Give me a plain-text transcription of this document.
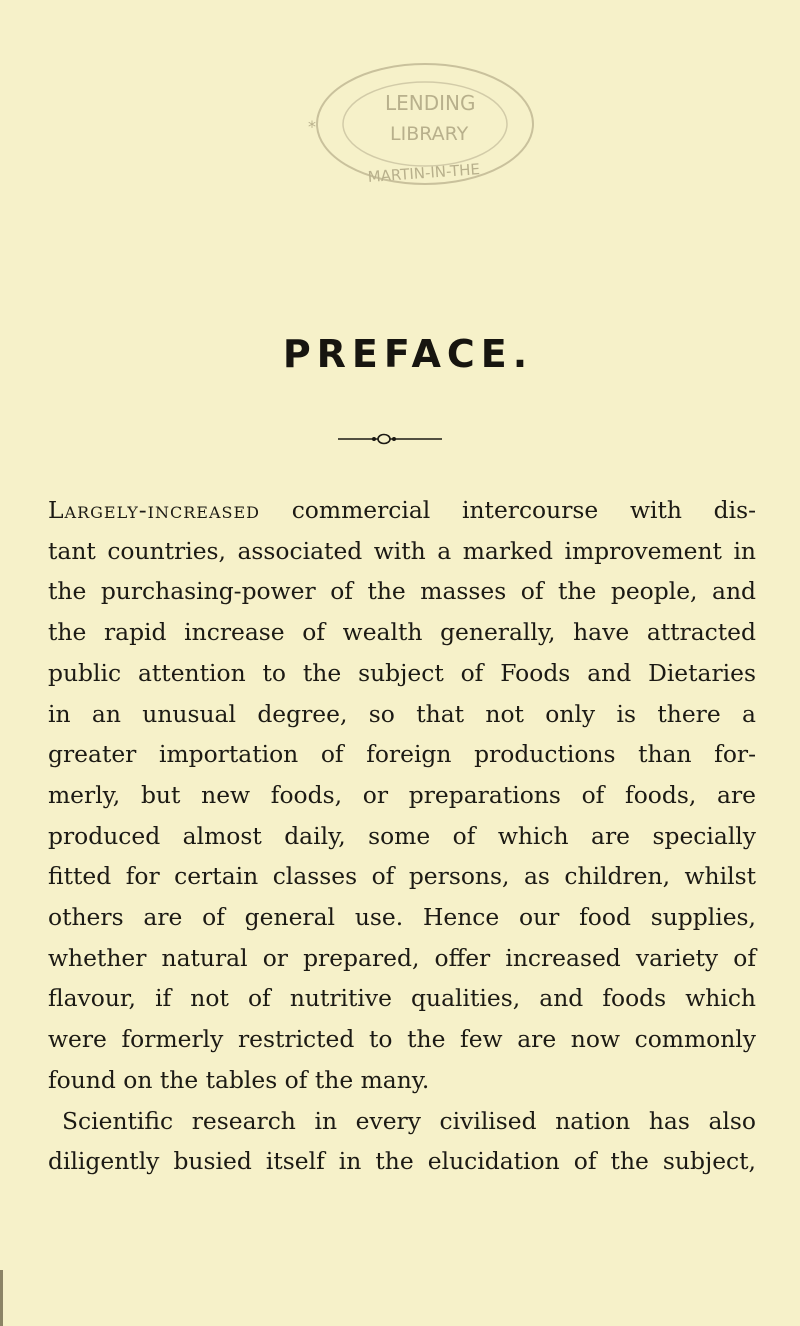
LENDING
LIBRARY
MARTIN-IN-THE
*
PREFACE.
Largely-increased commercial intercourse with dis-
tant countries, associated with a marked improvement in
the purchasing-power of the masses of the people, and
the rapid increase of wealth generally, have attracted
public attention to the subject of Foods and Dietaries
in an unusual degree, so that not only is there a
greater importation of foreign productions than for-
merly, but new foods, or preparations of foods, are
produced almost daily, some of which are specially
fitted for certain classes of persons, as children, whilst
others are of general use. Hence our food supplies,
whether natural or prepared, offer increased variety of
flavour, if not of nutritive qualities, and foods which
were formerly restricted to the few are now commonly
found on the tables of the many.
Scientific research in every civilised nation has also
diligently busied itself in the elucidation of the subject,
